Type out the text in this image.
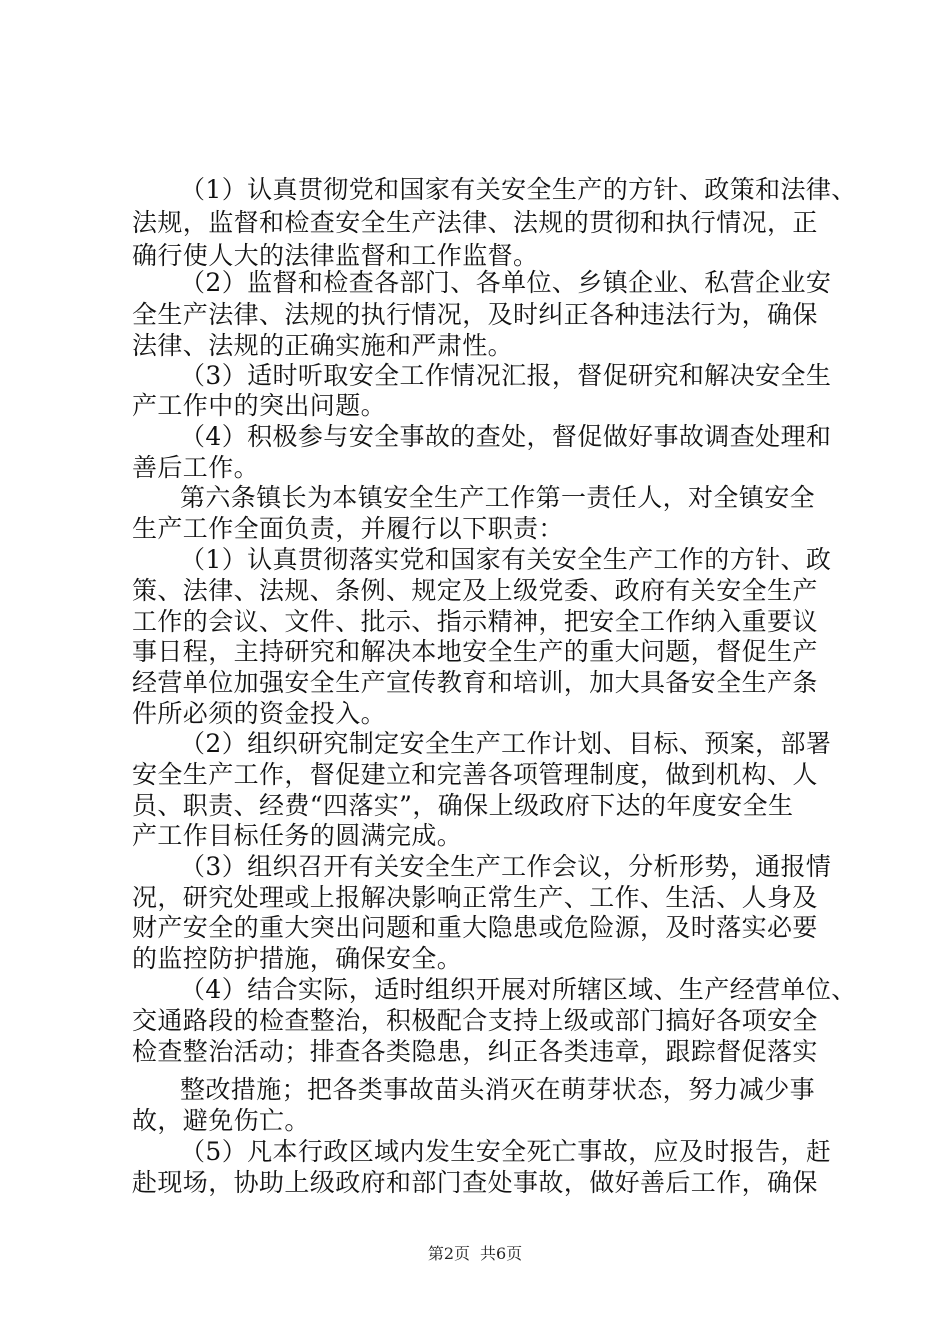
（1）认真贯彻党和国家有关安全生产的方针、政策和法律、
法规，监督和检查安全生产法律、法规的贯彻和执行情况，正
确行使人大的法律监督和工作监督。
（2）监督和检查各部门、各单位、乡镇企业、私营企业安
全生产法律、法规的执行情况，及时纠正各种违法行为，确保
法律、法规的正确实施和严肃性。
（3）适时听取安全工作情况汇报，督促研究和解决安全生
产工作中的突出问题。
（4）积极参与安全事故的查处，督促做好事故调查处理和
善后工作。
第六条镇长为本镇安全生产工作第一责任人，对全镇安全
生产工作全面负责，并履行以下职责：
（1）认真贯彻落实党和国家有关安全生产工作的方针、政
策、法律、法规、条例、规定及上级党委、政府有关安全生产
工作的会议、文件、批示、指示精神，把安全工作纳入重要议
事日程，主持研究和解决本地安全生产的重大问题，督促生产
经营单位加强安全生产宣传教育和培训，加大具备安全生产条
件所必须的资金投入。
（2）组织研究制定安全生产工作计划、目标、预案，部署
安全生产工作，督促建立和完善各项管理制度，做到机构、人
员、职责、经费“四落实”，确保上级政府下达的年度安全生
产工作目标任务的圆满完成。
（3）组织召开有关安全生产工作会议，分析形势，通报情
况，研究处理或上报解决影响正常生产、工作、生活、人身及
财产安全的重大突出问题和重大隐患或危险源，及时落实必要
的监控防护措施，确保安全。
（4）结合实际，适时组织开展对所辖区域、生产经营单位、
交通路段的检查整治，积极配合支持上级或部门搞好各项安全
检查整治活动；排查各类隐患，纠正各类违章，跟踪督促落实
整改措施；把各类事故苗头消灭在萌芽状态，努力减少事
故，避免伤亡。
（5）凡本行政区域内发生安全死亡事故，应及时报告，赶
赴现场，协助上级政府和部门查处事故，做好善后工作，确保
第2页 共6页
